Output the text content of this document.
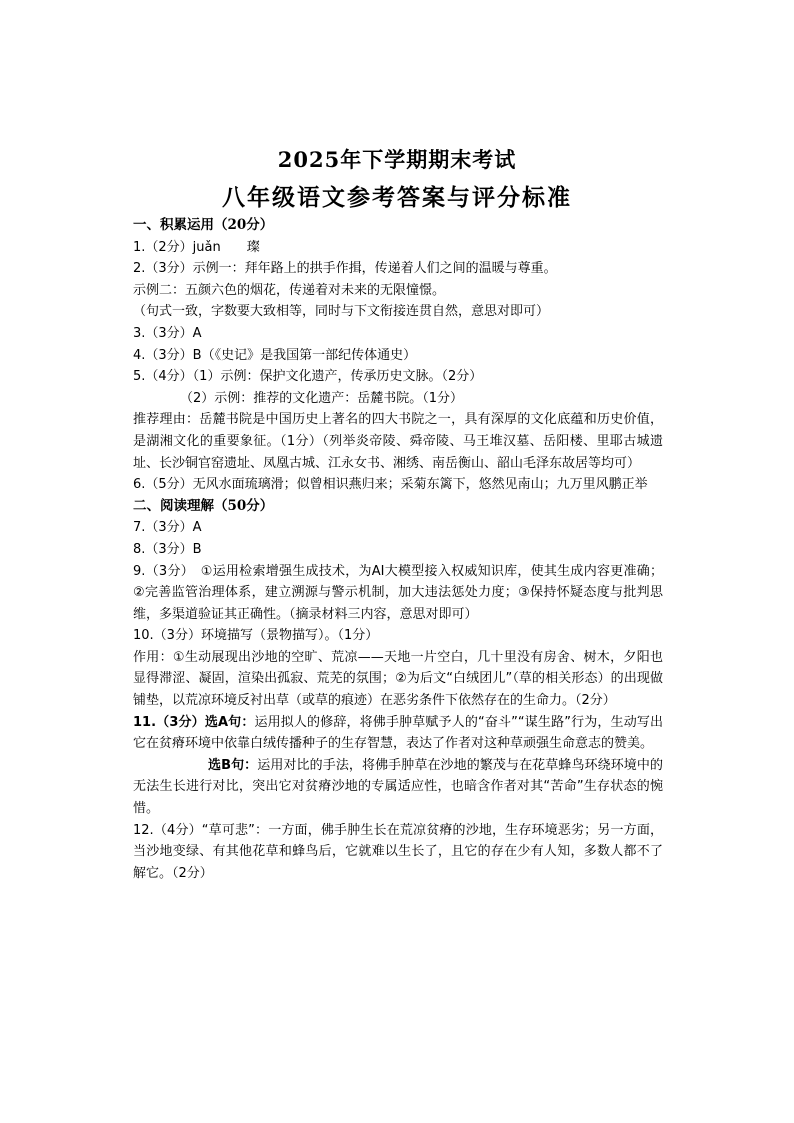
2025年下学期期末考试
八年级语文参考答案与评分标准

一、积累运用（20分）

1.（2分）juǎn　　璨

2.（3分）示例一：拜年路上的拱手作揖，传递着人们之间的温暖与尊重。

示例二：五颜六色的烟花，传递着对未来的无限憧憬。

（句式一致，字数要大致相等，同时与下文衔接连贯自然，意思对即可）

3.（3分）A

4.（3分）B（《史记》是我国第一部纪传体通史）

5.（4分）（1）示例：保护文化遗产，传承历史文脉。（2分）

（2）示例：推荐的文化遗产：岳麓书院。（1分）

推荐理由：岳麓书院是中国历史上著名的四大书院之一，具有深厚的文化底蕴和历史价值，是湖湘文化的重要象征。（1分）（列举炎帝陵、舜帝陵、马王堆汉墓、岳阳楼、里耶古城遗址、长沙铜官窑遗址、凤凰古城、江永女书、湘绣、南岳衡山、韶山毛泽东故居等均可）

6.（5分）无风水面琉璃滑；似曾相识燕归来；采菊东篱下，悠然见南山；九万里风鹏正举

二、阅读理解（50分）

7.（3分）A

8.（3分）B

9.（3分）　①运用检索增强生成技术，为AI大模型接入权威知识库，使其生成内容更准确；②完善监管治理体系，建立溯源与警示机制，加大违法惩处力度；③保持怀疑态度与批判思维，多渠道验证其正确性。（摘录材料三内容，意思对即可）

10.（3分）环境描写（景物描写）。（1分）

作用：①生动展现出沙地的空旷、荒凉——天地一片空白，几十里没有房舍、树木，夕阳也显得滞涩、凝固，渲染出孤寂、荒芜的氛围；②为后文“白绒团儿”（草的相关形态）的出现做铺垫，以荒凉环境反衬出草（或草的痕迹）在恶劣条件下依然存在的生命力。（2分）

11.（3分）选A句：运用拟人的修辞，将佛手肿草赋予人的“奋斗”“谋生路”行为，生动写出它在贫瘠环境中依靠白绒传播种子的生存智慧，表达了作者对这种草顽强生命意志的赞美。

选B句：运用对比的手法，将佛手肿草在沙地的繁茂与在花草蜂鸟环绕环境中的无法生长进行对比，突出它对贫瘠沙地的专属适应性，也暗含作者对其“苦命”生存状态的惋惜。

12.（4分）“草可悲”：一方面，佛手肿生长在荒凉贫瘠的沙地，生存环境恶劣；另一方面，当沙地变绿、有其他花草和蜂鸟后，它就难以生长了，且它的存在少有人知，多数人都不了解它。（2分）
